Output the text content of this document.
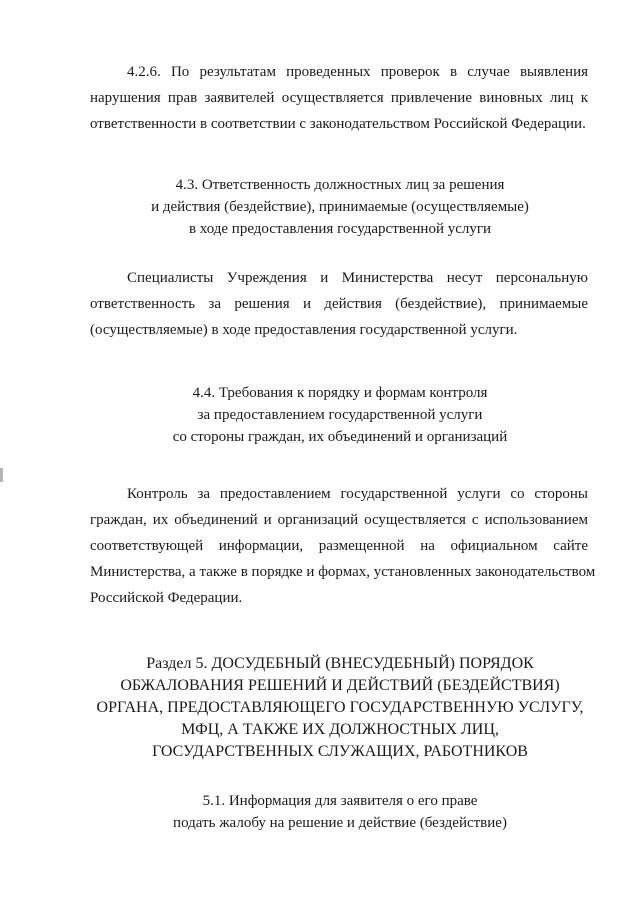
4.2.6. По результатам проведенных проверок в случае выявления
нарушения прав заявителей осуществляется привлечение виновных лиц к
ответственности в соответствии с законодательством Российской Федерации.
4.3. Ответственность должностных лиц за решения
и действия (бездействие), принимаемые (осуществляемые)
в ходе предоставления государственной услуги
Специалисты Учреждения и Министерства несут персональную
ответственность за решения и действия (бездействие), принимаемые
(осуществляемые) в ходе предоставления государственной услуги.
4.4. Требования к порядку и формам контроля
за предоставлением государственной услуги
со стороны граждан, их объединений и организаций
Контроль за предоставлением государственной услуги со стороны
граждан, их объединений и организаций осуществляется с использованием
соответствующей информации, размещенной на официальном сайте
Министерства, а также в порядке и формах, установленных законодательством
Российской Федерации.
Раздел 5. ДОСУДЕБНЫЙ (ВНЕСУДЕБНЫЙ) ПОРЯДОК
ОБЖАЛОВАНИЯ РЕШЕНИЙ И ДЕЙСТВИЙ (БЕЗДЕЙСТВИЯ)
ОРГАНА, ПРЕДОСТАВЛЯЮЩЕГО ГОСУДАРСТВЕННУЮ УСЛУГУ,
МФЦ, А ТАКЖЕ ИХ ДОЛЖНОСТНЫХ ЛИЦ,
ГОСУДАРСТВЕННЫХ СЛУЖАЩИХ, РАБОТНИКОВ
5.1. Информация для заявителя о его праве
подать жалобу на решение и действие (бездействие)
